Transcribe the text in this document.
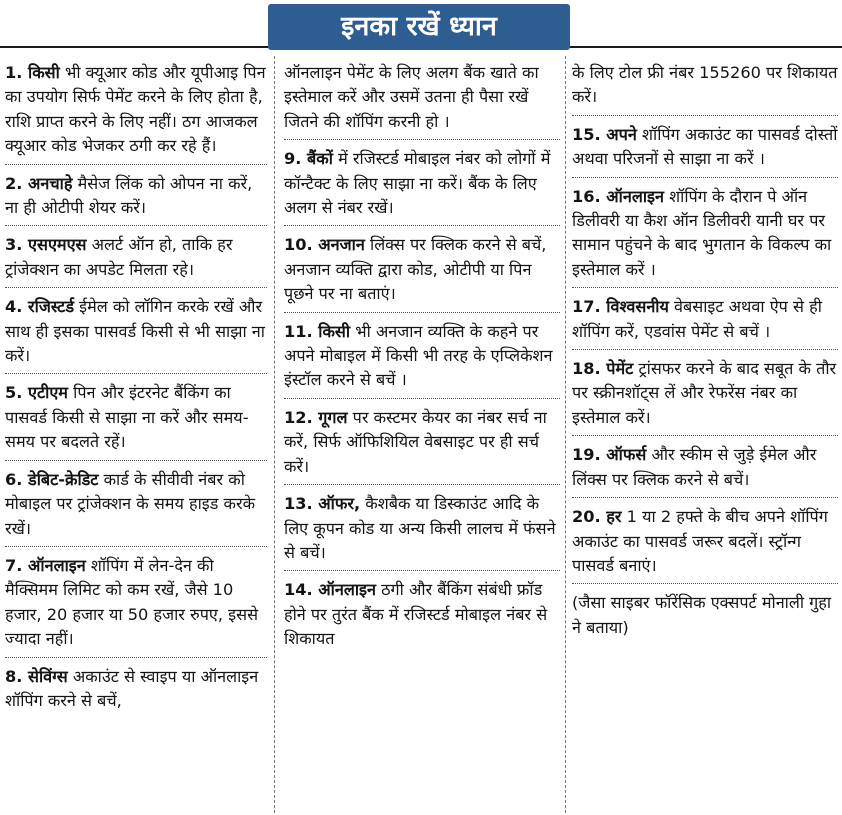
इनका रखें ध्यान
1. किसी भी क्यूआर कोड और यूपीआइ पिन का उपयोग सिर्फ पेमेंट करने के लिए होता है, राशि प्राप्त करने के लिए नहीं। ठग आजकल क्यूआर कोड भेजकर ठगी कर रहे हैं।
2. अनचाहे मैसेज लिंक को ओपन ना करें, ना ही ओटीपी शेयर करें।
3. एसएमएस अलर्ट ऑन हो, ताकि हर ट्रांजेक्शन का अपडेट मिलता रहे।
4. रजिस्टर्ड ईमेल को लॉगिन करके रखें और साथ ही इसका पासवर्ड किसी से भी साझा ना करें।
5. एटीएम पिन और इंटरनेट बैंकिंग का पासवर्ड किसी से साझा ना करें और समय-समय पर बदलते रहें।
6. डेबिट-क्रेडिट कार्ड के सीवीवी नंबर को मोबाइल पर ट्रांजेक्शन के समय हाइड करके रखें।
7. ऑनलाइन शॉपिंग में लेन-देन की मैक्सिमम लिमिट को कम रखें, जैसे 10 हजार, 20 हजार या 50 हजार रुपए, इससे ज्यादा नहीं।
8. सेविंग्स अकाउंट से स्वाइप या ऑनलाइन शॉपिंग करने से बचें,
ऑनलाइन पेमेंट के लिए अलग बैंक खाते का इस्तेमाल करें और उसमें उतना ही पैसा रखें जितने की शॉपिंग करनी हो ।
9. बैंकों में रजिस्टर्ड मोबाइल नंबर को लोगों में कॉन्टैक्ट के लिए साझा ना करें। बैंक के लिए अलग से नंबर रखें।
10. अनजान लिंक्स पर क्लिक करने से बचें, अनजान व्यक्ति द्वारा कोड, ओटीपी या पिन पूछने पर ना बताएं।
11. किसी भी अनजान व्यक्ति के कहने पर अपने मोबाइल में किसी भी तरह के एप्लिकेशन इंस्टॉल करने से बचें ।
12. गूगल पर कस्टमर केयर का नंबर सर्च ना करें, सिर्फ ऑफिशियिल वेबसाइट पर ही सर्च करें।
13. ऑफर, कैशबैक या डिस्काउंट आदि के लिए कूपन कोड या अन्य किसी लालच में फंसने से बचें।
14. ऑनलाइन ठगी और बैंकिंग संबंधी फ्रॉड होने पर तुरंत बैंक में रजिस्टर्ड मोबाइल नंबर से शिकायत
के लिए टोल फ्री नंबर 155260 पर शिकायत करें।
15. अपने शॉपिंग अकाउंट का पासवर्ड दोस्तों अथवा परिजनों से साझा ना करें ।
16. ऑनलाइन शॉपिंग के दौरान पे ऑन डिलीवरी या कैश ऑन डिलीवरी यानी घर पर सामान पहुंचने के बाद भुगतान के विकल्प का इस्तेमाल करें ।
17. विश्वसनीय वेबसाइट अथवा ऐप से ही शॉपिंग करें, एडवांस पेमेंट से बचें ।
18. पेमेंट ट्रांसफर करने के बाद सबूत के तौर पर स्क्रीनशॉट्स लें और रेफरेंस नंबर का इस्तेमाल करें।
19. ऑफर्स और स्कीम से जुड़े ईमेल और लिंक्स पर क्लिक करने से बचें।
20. हर 1 या 2 हफ्ते के बीच अपने शॉपिंग अकाउंट का पासवर्ड जरूर बदलें। स्ट्रॉन्ग पासवर्ड बनाएं।
(जैसा साइबर फॉरेंसिक एक्सपर्ट मोनाली गुहा ने बताया)
